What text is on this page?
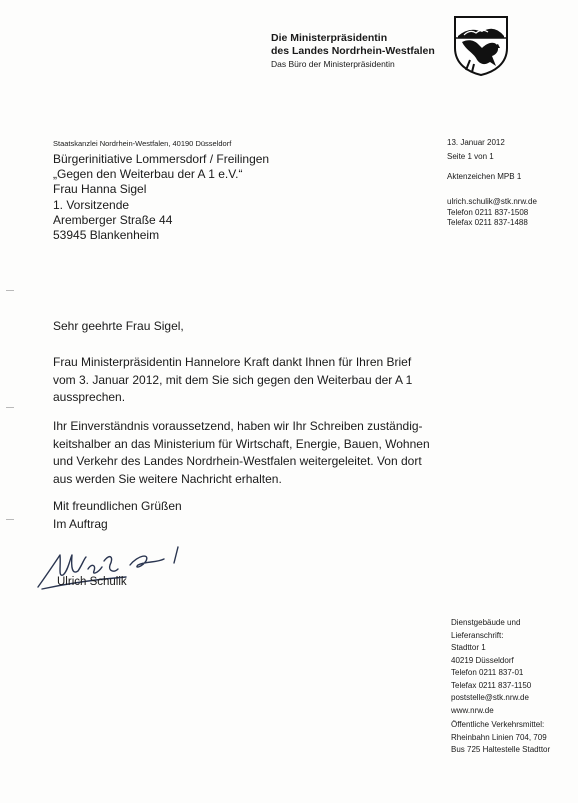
Die Ministerpräsidentin
des Landes Nordrhein-Westfalen
Das Büro der Ministerpräsidentin
Staatskanzlei Nordrhein-Westfalen, 40190 Düsseldorf
Bürgerinitiative Lommersdorf / Freilingen
„Gegen den Weiterbau der A 1 e.V.“
Frau Hanna Sigel
1. Vorsitzende
Aremberger Straße 44
53945 Blankenheim
13. Januar 2012
Seite 1 von 1
Aktenzeichen MPB 1
ulrich.schulik@stk.nrw.de
Telefon 0211 837-1508
Telefax 0211 837-1488

Sehr geehrte Frau Sigel,

Frau Ministerpräsidentin Hannelore Kraft dankt Ihnen für Ihren Brief
vom 3. Januar 2012, mit dem Sie sich gegen den Weiterbau der A 1
aussprechen.
Ihr Einverständnis voraussetzend, haben wir Ihr Schreiben zuständig-
keitshalber an das Ministerium für Wirtschaft, Energie, Bauen, Wohnen
und Verkehr des Landes Nordrhein-Westfalen weitergeleitet. Von dort
aus werden Sie weitere Nachricht erhalten.
Mit freundlichen Grüßen
Im Auftrag
Ulrich Schulik
Dienstgebäude und
Lieferanschrift:
Stadttor 1
40219 Düsseldorf
Telefon 0211 837-01
Telefax 0211 837-1150
poststelle@stk.nrw.de
www.nrw.de
Öffentliche Verkehrsmittel:
Rheinbahn Linien 704, 709
Bus 725 Haltestelle Stadttor
